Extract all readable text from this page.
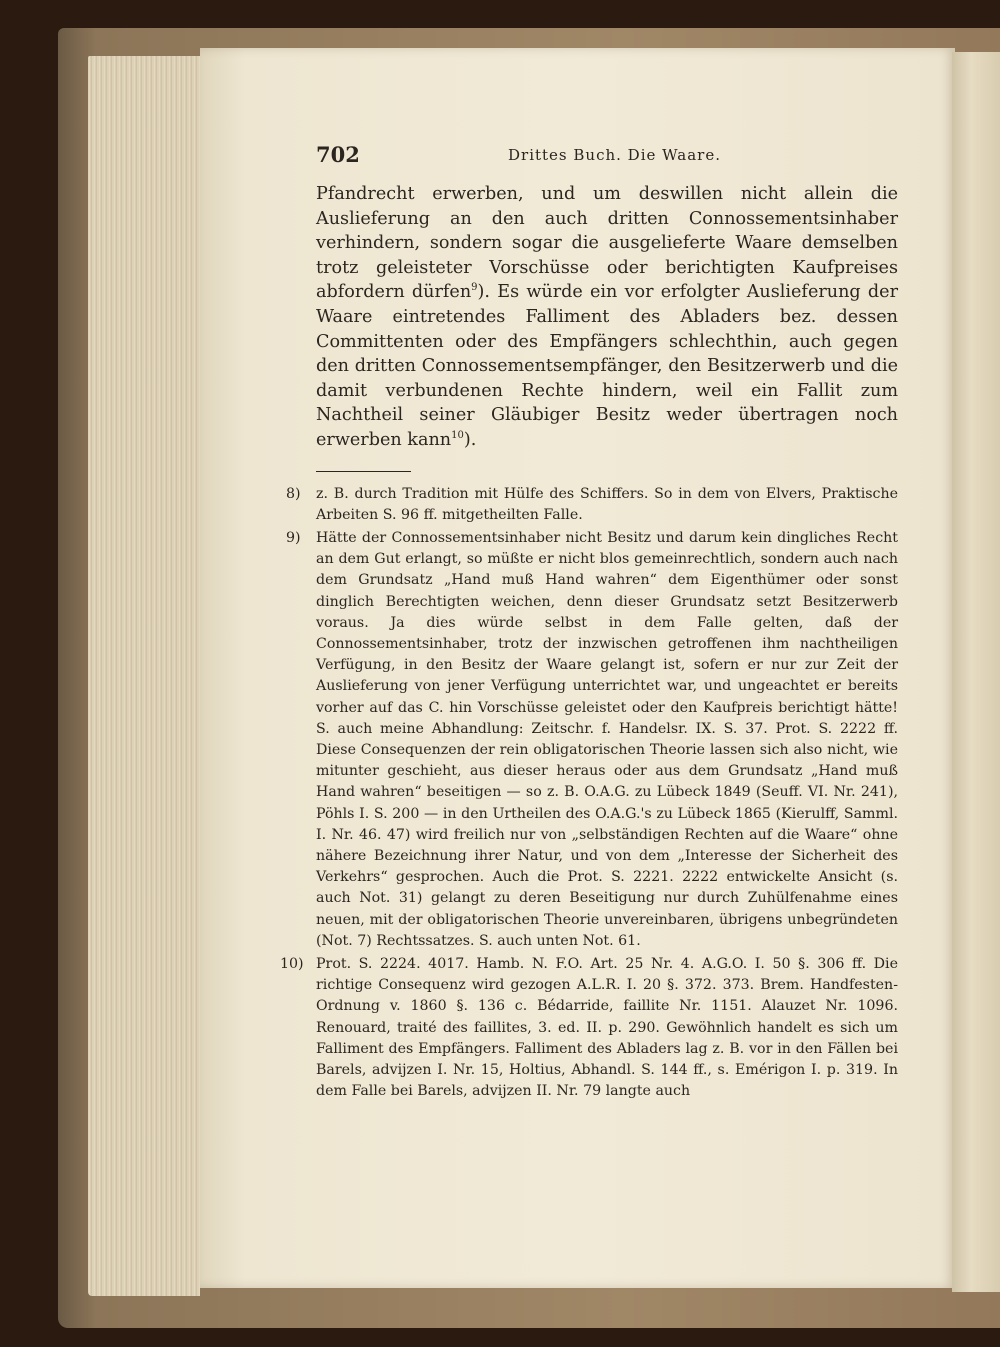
702	Drittes Buch. Die Waare.
Pfandrecht erwerben, und um deswillen nicht allein die Auslieferung an den auch dritten Connossementsinhaber verhindern, sondern sogar die ausgelieferte Waare demselben trotz geleisteter Vorschüsse oder berichtigten Kaufpreises abfordern dürfen$^9$). Es würde ein vor erfolgter Auslieferung der Waare eintretendes Falliment des Abladers bez. dessen Committenten oder des Empfängers schlechthin, auch gegen den dritten Connossementsempfänger, den Besitzerwerb und die damit verbundenen Rechte hindern, weil ein Fallit zum Nachtheil seiner Gläubiger Besitz weder übertragen noch erwerben kann$^{10}$).
8) z. B. durch Tradition mit Hülfe des Schiffers. So in dem von Elvers, Praktische Arbeiten S. 96 ff. mitgetheilten Falle.
9) Hätte der Connossementsinhaber nicht Besitz und darum kein dingliches Recht an dem Gut erlangt, so müßte er nicht blos gemeinrechtlich, sondern auch nach dem Grundsatz „Hand muß Hand wahren“ dem Eigenthümer oder sonst dinglich Berechtigten weichen, denn dieser Grundsatz setzt Besitzerwerb voraus. Ja dies würde selbst in dem Falle gelten, daß der Connossementsinhaber, trotz der inzwischen getroffenen ihm nachtheiligen Verfügung, in den Besitz der Waare gelangt ist, sofern er nur zur Zeit der Auslieferung von jener Verfügung unterrichtet war, und ungeachtet er bereits vorher auf das C. hin Vorschüsse geleistet oder den Kaufpreis berichtigt hätte! S. auch meine Abhandlung: Zeitschr. f. Handelsr. IX. S. 37. Prot. S. 2222 ff. Diese Consequenzen der rein obligatorischen Theorie lassen sich also nicht, wie mitunter geschieht, aus dieser heraus oder aus dem Grundsatz „Hand muß Hand wahren“ beseitigen — so z. B. O.A.G. zu Lübeck 1849 (Seuff. VI. Nr. 241), Pöhls I. S. 200 — in den Urtheilen des O.A.G.'s zu Lübeck 1865 (Kierulff, Samml. I. Nr. 46. 47) wird freilich nur von „selbständigen Rechten auf die Waare“ ohne nähere Bezeichnung ihrer Natur, und von dem „Interesse der Sicherheit des Verkehrs“ gesprochen. Auch die Prot. S. 2221. 2222 entwickelte Ansicht (s. auch Not. 31) gelangt zu deren Beseitigung nur durch Zuhülfenahme eines neuen, mit der obligatorischen Theorie unvereinbaren, übrigens unbegründeten (Not. 7) Rechtssatzes. S. auch unten Not. 61.
10) Prot. S. 2224. 4017. Hamb. N. F.O. Art. 25 Nr. 4. A.G.O. I. 50 §. 306 ff. Die richtige Consequenz wird gezogen A.L.R. I. 20 §. 372. 373. Brem. Handfesten-Ordnung v. 1860 §. 136 c. Bédarride, faillite Nr. 1151. Alauzet Nr. 1096. Renouard, traité des faillites, 3. ed. II. p. 290. Gewöhnlich handelt es sich um Falliment des Empfängers. Falliment des Abladers lag z. B. vor in den Fällen bei Barels, advijzen I. Nr. 15, Holtius, Abhandl. S. 144 ff., s. Emérigon I. p. 319. In dem Falle bei Barels, advijzen II. Nr. 79 langte auch
